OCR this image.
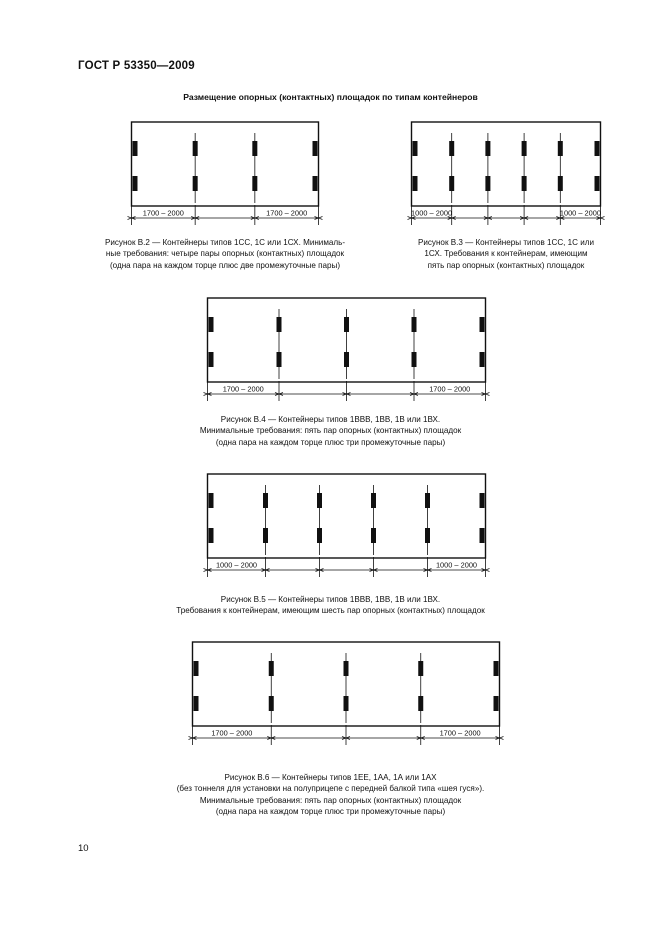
ГОСТ Р 53350—2009
Размещение опорных (контактных) площадок по типам контейнеров
1700 – 2000	1700 – 2000
Рисунок В.2 — Контейнеры типов 1СС, 1С или 1СХ. Минималь-
ные требования: четыре пары опорных (контактных) площадок
(одна пара на каждом торце плюс две промежуточные пары)
1000 – 2000	1000 – 2000
Рисунок В.3 — Контейнеры типов 1СС, 1С или
1СХ. Требования к контейнерам, имеющим
пять пар опорных (контактных) площадок
1700 – 2000	1700 – 2000
Рисунок В.4 — Контейнеры типов 1ВВВ, 1ВВ, 1В или 1ВХ.
Минимальные требования: пять пар опорных (контактных) площадок
(одна пара на каждом торце плюс три промежуточные пары)
1000 – 2000	1000 – 2000
Рисунок В.5 — Контейнеры типов 1ВВВ, 1ВВ, 1В или 1ВХ.
Требования к контейнерам, имеющим шесть пар опорных (контактных) площадок
1700 – 2000	1700 – 2000
Рисунок В.6 — Контейнеры типов 1ЕЕ, 1АА, 1А или 1АХ
(без тоннеля для установки на полуприцепе с передней балкой типа «шея гуся»).
Минимальные требования: пять пар опорных (контактных) площадок
(одна пара на каждом торце плюс три промежуточные пары)
10
